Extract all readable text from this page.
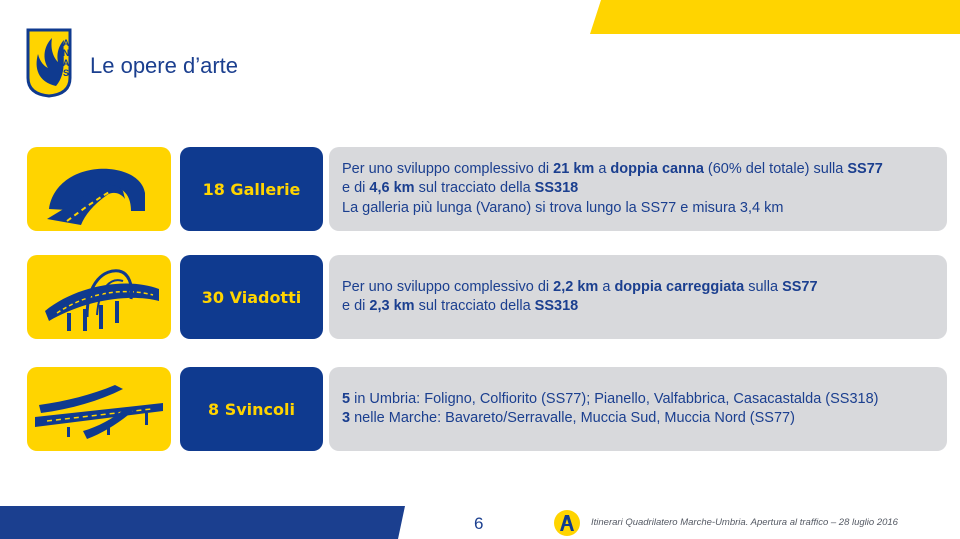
A N A S Le opere d’arte
18 Gallerie
Per uno sviluppo complessivo di 21 km a doppia canna (60% del totale) sulla SS77
e di 4,6 km sul tracciato della SS318
La galleria più lunga (Varano) si trova lungo la SS77 e misura 3,4 km
30 Viadotti
Per uno sviluppo complessivo di 2,2 km a doppia carreggiata sulla SS77
e di 2,3 km sul tracciato della SS318
8 Svincoli
5 in Umbria: Foligno, Colfiorito (SS77); Pianello, Valfabbrica, Casacastalda (SS318)
3 nelle Marche: Bavareto/Serravalle, Muccia Sud, Muccia Nord (SS77)
6	Itinerari Quadrilatero Marche-Umbria. Apertura al traffico – 28 luglio 2016
